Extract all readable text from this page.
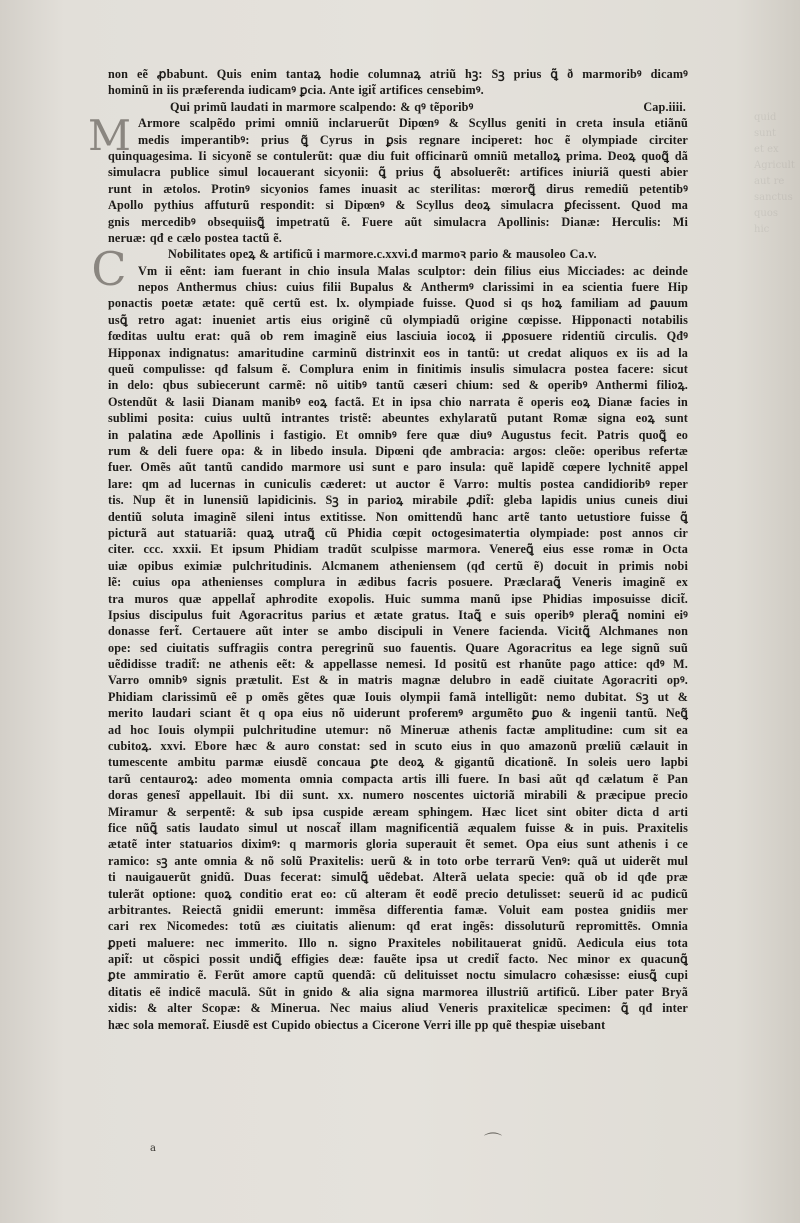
quid sunt
et ex
Agricult
aut re
sanctus
quos
hic
non eẽ ꝓbabunt. Quis enim tantaꝝ hodie columnaꝝ atriũ hꝫ: Sꝫ prius ꝗ̃ ð marmoribꝰ dicamꝰ
hominũ in iis præferenda iudicamꝰ ꝑcia. Ante igit̃ artifices censebimꝰ.
Qui primũ laudati in marmore scalpendo: & qꝰ tẽporibꝰ	Cap.iiii.
M Armore scalpẽdo primi omniũ inclaruerũt Dipœnꝰ & Scyllus geniti in creta insula etiãnũ
medis imperantibꝰ: prius ꝗ̃ Cyrus in ꝑsis regnare inciperet: hoc ẽ olympiade circiter
quinquagesima. Ii sicyonẽ se contulerũt: quæ diu fuit officinarũ omniũ metalloꝝ prima. Deoꝝ quoꝗ̃ dã
simulacra publice simul locauerant sicyonii: ꝗ̃ prius ꝗ̃ absoluerẽt: artifices iniuriã questi abier
runt in ætolos. Protinꝰ sicyonios fames inuasit ac sterilitas: mœrorꝗ̃ dirus remediũ petentibꝰ
Apollo pythius affuturũ respondit: si Dipœnꝰ & Scyllus deoꝝ simulacra ꝑfecissent. Quod ma
gnis mercedibꝰ obsequiisꝗ̃ impetratũ ẽ. Fuere aũt simulacra Apollinis: Dianæ: Herculis: Mi
neruæ: qđ e cælo postea tactũ ẽ.
C	Nobilitates opeꝝ & artificũ i marmore.c.xxvi.đ marmoꝛ pario & mausoleo Ca.v.
Vm ii eẽnt: iam fuerant in chio insula Malas sculptor: dein filius eius Micciades: ac deinde
nepos Anthermus chius: cuius filii Bupalus & Anthermꝰ clarissimi in ea scientia fuere Hip
ponactis poetæ ætate: quẽ certũ est. lx. olympiade fuisse. Quod si qs hoꝝ familiam ad ꝑauum
usꝗ̃ retro agat: inueniet artis eius originẽ cũ olympiadũ origine cœpisse. Hipponacti notabilis
fœditas uultu erat: quã ob rem imaginẽ eius lasciuia iocoꝝ ii ꝓposuere ridentiũ circulis. Qđꝰ
Hipponax indignatus: amaritudine carminũ distrinxit eos in tantũ: ut credat aliquos ex iis ad la
queũ compulisse: qđ falsum ẽ. Complura enim in finitimis insulis simulacra postea facere: sicut
in delo: qbus subiecerunt carmẽ: nõ uitibꝰ tantũ cæseri chium: sed & operibꝰ Anthermi filioꝝ.
Ostendũt & lasii Dianam manibꝰ eoꝝ factã. Et in ipsa chio narrata ẽ operis eoꝝ Dianæ facies in
sublimi posita: cuius uultũ intrantes tristẽ: abeuntes exhylaratũ putant Romæ signa eoꝝ sunt
in palatina æde Apollinis i fastigio. Et omnibꝰ fere quæ diuꝰ Augustus fecit. Patris quoꝗ̃ eo
rum & deli fuere opa: & in libedo insula. Dipœni qđe ambracia: argos: cleõe: operibus refertæ
fuer. Omẽs aũt tantũ candido marmore usi sunt e paro insula: quẽ lapidẽ cœpere lychnitẽ appel
lare: qm ad lucernas in cuniculis cæderet: ut auctor ẽ Varro: multis postea candidioribꝰ reper
tis. Nup ẽt in lunensiũ lapidicinis. Sꝫ in parioꝝ mirabile ꝓdit̃: gleba lapidis unius cuneis diui
dentiũ soluta imaginẽ sileni intus extitisse. Non omittendũ hanc artẽ tanto uetustiore fuisse ꝗ̃
picturã aut statuariã: quaꝝ utraꝗ̃ cũ Phidia cœpit octogesimatertia olympiade: post annos cir
citer. ccc. xxxii. Et ipsum Phidiam tradũt sculpisse marmora. Venereꝗ̃ eius esse romæ in Octa
uiæ opibus eximiæ pulchritudinis. Alcmanem atheniensem (qđ certũ ẽ) docuit in primis nobi
lẽ: cuius opa athenienses complura in ædibus facris posuere. Præclaraꝗ̃ Veneris imaginẽ ex
tra muros quæ appellat̃ aphrodite exopolis. Huic summa manũ ipse Phidias imposuisse dicit̃.
Ipsius discipulus fuit Agoracritus parius et ætate gratus. Itaꝗ̃ e suis operibꝰ pleraꝗ̃ nomini eiꝰ
donasse fert̃. Certauere aũt inter se ambo discipuli in Venere facienda. Vicitꝗ̃ Alchmanes non
ope: sed ciuitatis suffragiis contra peregrinũ suo fauentis. Quare Agoracritus ea lege signũ suũ
uẽdidisse tradit̃: ne athenis eẽt: & appellasse nemesi. Id positũ est rhanũte pago attice: qđꝰ M.
Varro omnibꝰ signis prætulit. Est & in matris magnæ delubro in eadẽ ciuitate Agoracriti opꝰ.
Phidiam clarissimũ eẽ p omẽs gẽtes quæ Iouis olympii famã intelligũt: nemo dubitat. Sꝫ ut &
merito laudari sciant ẽt q opa eius nõ uiderunt proferemꝰ argumẽto ꝑuo & ingenii tantũ. Neꝗ̃
ad hoc Iouis olympii pulchritudine utemur: nõ Mineruæ athenis factæ amplitudine: cum sit ea
cubitoꝝ. xxvi. Ebore hæc & auro constat: sed in scuto eius in quo amazonũ prœliũ cælauit in
tumescente ambitu parmæ eiusdẽ concaua ꝑte deoꝝ & gigantũ dicationẽ. In soleis uero lapbi
tarũ centauroꝝ: adeo momenta omnia compacta artis illi fuere. In basi aũt qđ cælatum ẽ Pan
doras genesĩ appellauit. Ibi dii sunt. xx. numero noscentes uictoriã mirabili & præcipue precio
Miramur & serpentẽ: & sub ipsa cuspide æream sphingem. Hæc licet sint obiter dicta d arti
fice nũꝗ̃ satis laudato simul ut noscat̃ illam magnificentiã æqualem fuisse & in puis. Praxitelis
ætatẽ inter statuarios diximꝰ: q marmoris gloria superauit ẽt semet. Opa eius sunt athenis i ce
ramico: sꝫ ante omnia & nõ solũ Praxitelis: uerũ & in toto orbe terrarũ Venꝰ: quã ut uiderẽt mul
ti nauigauerũt gnidũ. Duas fecerat: simulꝗ̃ uẽdebat. Alterã uelata specie: quã ob id qđe præ
tulerãt optione: quoꝝ conditio erat eo: cũ alteram ẽt eodẽ precio detulisset: seuerũ id ac pudicũ
arbitrantes. Reiectã gnidii emerunt: immẽsa differentia famæ. Voluit eam postea gnidiis mer
cari rex Nicomedes: totũ æs ciuitatis alienum: qđ erat ingẽs: dissoluturũ repromittẽs. Omnia
ꝑpeti maluere: nec immerito. Illo n. signo Praxiteles nobilitauerat gnidũ. Aedicula eius tota
apit̃: ut cõspici possit undiꝗ̃ effigies deæ: fauẽte ipsa ut credit̃ facto. Nec minor ex quacunꝗ̃
ꝑte ammiratio ẽ. Ferũt amore captũ quendã: cũ delituisset noctu simulacro cohæsisse: eiusꝗ̃ cupi
ditatis eẽ indicẽ maculã. Sũt in gnido & alia signa marmorea illustriũ artificũ. Liber pater Bryã
xidis: & alter Scopæ: & Minerua. Nec maius aliud Veneris praxitelicæ specimen: ꝗ̃ qđ inter
hæc sola memorat̃. Eiusdẽ est Cupido obiectus a Cicerone Verri ille pp quẽ thespiæ uisebant
⌒
a
